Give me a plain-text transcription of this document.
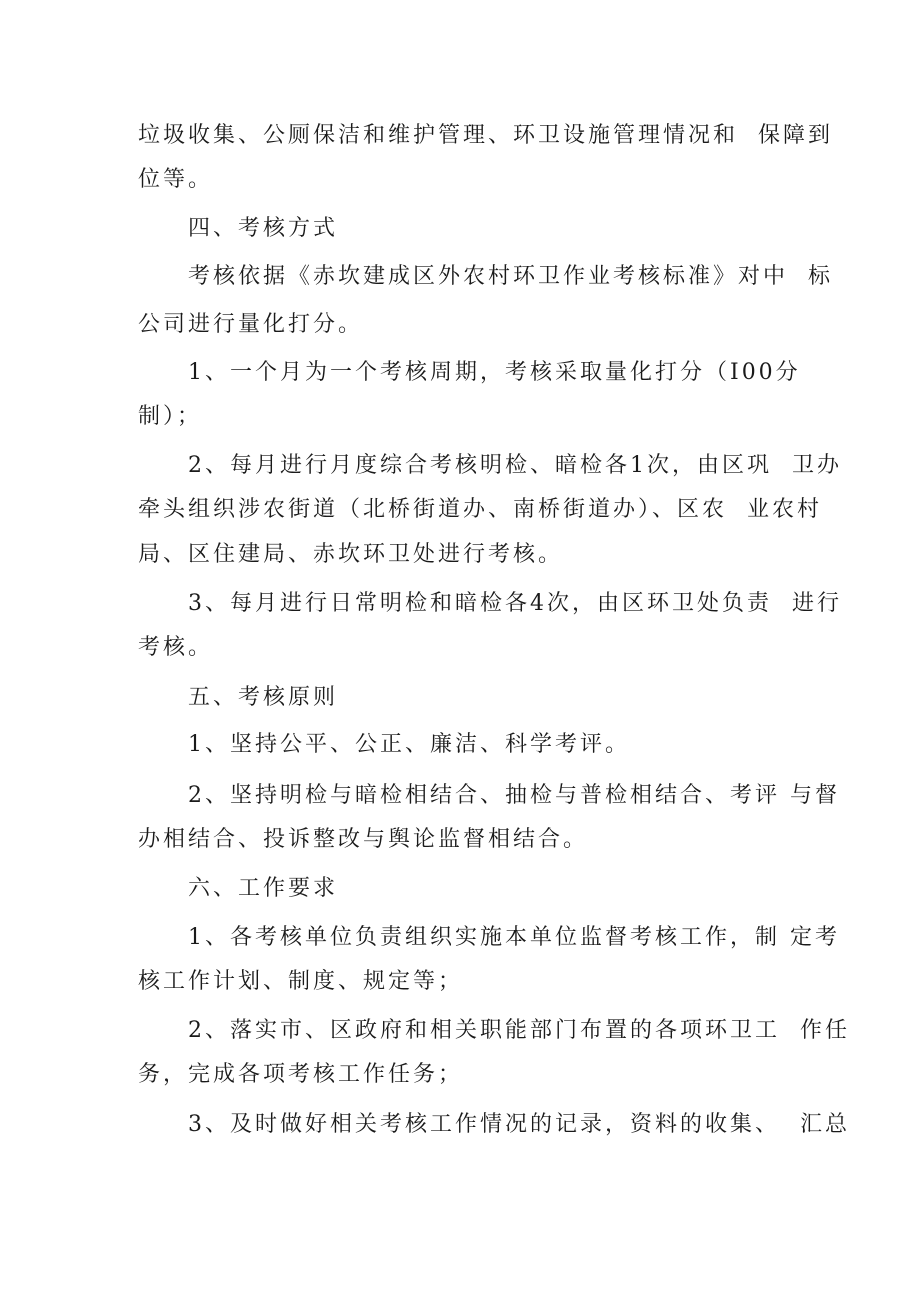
垃圾收集、公厕保洁和维护管理、环卫设施管理情况和  保障到
位等。
四、考核方式
考核依据《赤坎建成区外农村环卫作业考核标准》对中  标
公司进行量化打分。
1、一个月为一个考核周期，考核采取量化打分（I00分
制）；
2、每月进行月度综合考核明检、暗检各1次，由区巩  卫办
牵头组织涉农街道（北桥街道办、南桥街道办）、区农  业农村
局、区住建局、赤坎环卫处进行考核。
3、每月进行日常明检和暗检各4次，由区环卫处负责  进行
考核。
五、考核原则
1、坚持公平、公正、廉洁、科学考评。
2、坚持明检与暗检相结合、抽检与普检相结合、考评 与督
办相结合、投诉整改与舆论监督相结合。
六、工作要求
1、各考核单位负责组织实施本单位监督考核工作，制 定考
核工作计划、制度、规定等；
2、落实市、区政府和相关职能部门布置的各项环卫工  作任
务，完成各项考核工作任务；
3、及时做好相关考核工作情况的记录，资料的收集、  汇总
